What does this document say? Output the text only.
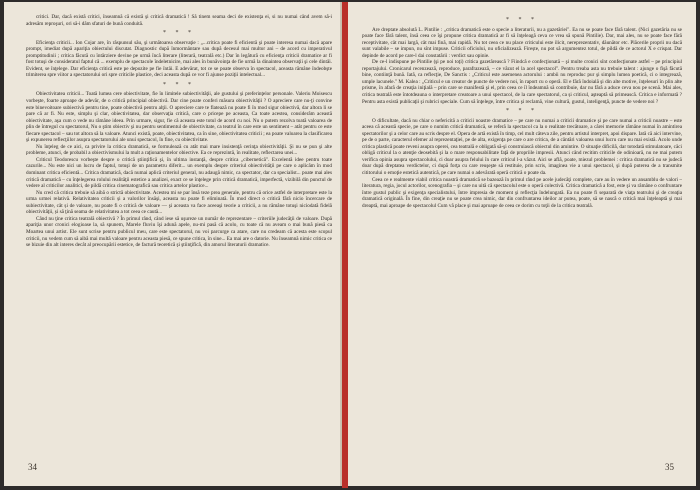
critici. Dar, dacă există critici, înseamnă că există şi critică dramatică ! Să tinem seama deci de existenţa ei, si nu numai când avem să-i adresăm reproşuri, ori să-i dăm sfaturi de bună conduită.

* * *

Eficienţa criticii... Ion Cojar are, în răspunsul său, şi următoarea observaţie : „...critica poate fi eficientă şi poate interesa numai dacă apare prompt, imediat după apariţia obiectului discutat. Diagnostic după înmormântare sau după decesul mai multor ani – de acord cu imperativul promptitudinii ; critica făcută cu întârziere devine pe urmă încă literare (literară, teatrală etc.) Dar în legătură cu eficienţa criticii dramatice ar fi fost totuşi de consideratul faptul că ... exemplu de spectacole îndeletnicire, mai ales în bunăvoinţa de fie urmă la dinaintea observaţii şi cele dintâi. Evident, se înţelege. Dar eficienţa critică este pe depozite pe fie întâi. E adevărat, tot ce se poate observa în spectacol, aceasta rămâne îndeobşte trimiterea spre viitor a spectatorului ori spre criticile plastice, deci aceasta după ce vor fi ajunse poziţii intelectual...

* * *

Obiectivitatea criticii... Toată lumea cere obiectivitate, fie în limitele subiectivităţii, ale gustului şi preferinţelor personale. Valeriu Moisescu vorbeşte, foarte aproape de adevăr, de o critică principial obiectivă. Dar cine poate conferi măsura obiectivităţii ? O apreciere care nu-ţi convine este binevoitoare subiectivă pentru tine, poate obiectivă pentru alţii. O apreciere care te flatează nu poate fi în mod sigur obiectivă, dar altora li se pare că ar fi. Nu este, simplu şi clar, obiectivitatea, dar observaţia critică, care o pricepe pe aceasta, Ca toate acestea, considerăm această obiectivitate, aşa cum o vede nu rămâne ideea. Prin urmare, sigur, fie că aceasta este totul de acord cu noi. Nu o putem rezolva toată valoarea de plin de întregul cu spectatorul, Nu o ştim obiectiv şi nu pentru sentimentul de obiectivitate, ca teatrul în care este un sentiment – atât pentru ce este fiecare spectacol – sau tot altora să la valoare. Atunci există, poate, obiectivitatea, ca în sine, obiectivitatea criticii ; ea poate valoarea la clasificarea şi expunerea reflecţiilor asupra spectatorului ale unui spectacol, în fine, cu obiectivitate.

Nu înţeleg de ce aici, ca privire la critica dramatică, se formulează cu atât mai mare insistenţă cerinţa obiectivităţii. Şi nu se pun şi alte probleme, atunci, de probabil a obiectivismului la mult a raţionamentelor obiective. Ea ce reprezintă, în realitate, reflectarea unei...

Criticul Teodorescu vorbeşte despre o critică ştiinţifică şi, în ultima instanţă, despre critica „cibernetică". Excelentă idee pentru toate cazurile... Nu este nici un lucru de faptul, totuşi de un parametru diferit... un exemplu despre criteriul obiectivităţii pe care o aplicăm în mod dominant critica eficientă... Critica dramatică, dacă numai aplică criteriul general, nu adaugă nimic, ca spectator, dar ca specialist... poate mai ales critică dramatică – cu înţelegerea rolului realităţii estetice a analizei, exact ce se înţelege prin critică dramatică, imperfectă, vizibilă din punctul de vedere al criticilor analitici, de pildă critica cinematografică sau critica artelor plastice...

Nu cred că critica trebuie să aibă o strictă obiectivitate. Acestea mi se par însă teze prea generale, pentru că orice astfel de interpretare este la urma urmei relativă. Relativitatea criticii și a valorilor însăşi, aceasta nu poate fi eliminată. În mod direct o critică fără nicio încercare de subiectivitate, cât și de valoare, nu poate fi o critică de valoare — şi aceasta va face aceeaşi teorie a criticii, a nu rămâne totuşi niciodată fidelă obiectivităţii, și să ţină seama de relativitatea a tot ceea ce caută...

Când nu ţine critica teatrală obiectivă ? În primul rând, când iese să uşureze un număr de reprezentare – criteriile judecăţii de valoare. După apariţia unor cronici elogioase la, să spunem, Marele fluviu îşi adună apele, nu-mi pasă că acolo, cu toate că nu aveam o mai bună piesă ca Moartea unui artist. Ele sunt scrise pentru publicul meu, care este spectatorul, nu voi parcurge ca atare, care nu credeam că acesta este scopul criticii, nu vedem cum să aibă mai multă valoare pentru aceasta piesă, ce spune critica, în sine... Ea mai are o datorie. Nu înseamnă nimic critica ce se bizuie din alt interes decât al preocupării estetice, de factură teoretică şi ştiinţifică, din amorul literaturii dramatice.

34
* * *

Are dreptate absolută L. Pintilie : „critica dramatică este o specie a literaturii, nu a gazetăriei". Ea nu se poate face fără talent. (Nici gazetăria nu se poate face fără talent, însă ceea ce îşi propune critica dramatică ar fi să înţeleagă ceva ce vrea să spună Pintilie). Dar, mai ales, nu se poate face fără receptivitate, cât mai largă, cât mai fină, mai rapidă. Nu tot ceea ce nu place criticului este ilicit, nereprezentativ, dăunător etc. Plăcerile proprii nu dacă sunt valabile – se impun, nu sînt impuse. Criticii oficiului, nu oficializează. Firește, nu pot să argumentez totul, de pildă de ce actorul X e crispat. Dar depinde de acord pe care-l dai constatării : verdict sau opinie.

De ce-l indispune pe Pintilie (şi pe noi toţi) critica gazetărească ? Fiindcă e confecţionată – şi multe cronici sînt confecţionate astfel – pe principiul reportajului. Cronicarul recenzează, reproduce, parafrazează, – ce văzut el la acel spectacol". Pentru treaba asta nu trebuie talent : ajunge o fişă făcută bine, contiinţă bună. Iată, ca reflecţie, De Sanctis : „Criticul este asemenea actorului : ambii nu reproduc pur şi simplu lumea poetică, ci o integrează, umple lacunele." M. Kalea : „Criticul e un creator de puncte de vedere noi, în raport cu o operă. El e fără îndoială şi din alte motive, înţelesuri în plin alte prisme, în afară de creaţia iniţială – prin care se manifestă şi el, prin ceea ce îl îndeamnă să contribuie, dar nu fără a aduce ceva nou pe scenă. Mai ales, critica teatrală este întotdeauna o interpretare creatoare a unui spectacol, de la care spectatorul, ca și criticul, aşteaptă să primească. Critica e informată ? Pentru asta există publicaţii şi rubrici speciale. Cum să înţelege, între critica şi reclamă, vine cultură, gustul, inteligenţă, puncte de vedere noi ?

* * *

O dificultate, dacă nu chiar o nefericită a criticii noastre dramatice – pe care nu numai a criticii dramatice şi pe care numai a criticii noastre – este aceea că această specie, pe care o numim critică dramatică, se referă la spectacol ca la o realitate trecătoare, a cărei memorie rămâne numai în amintirea spectatorilor şi a celor care au scris despre el. Opera de artă există în timp, cel mult câteva zile, pentru artistul interpret, apoi dispare. Iată că aici intervine, pe de o parte, caracterul efemer al reprezentaţiei, pe de alta, exigenţa pe care o are critica, de a cântări valoarea unui lucru care nu mai există. Acolo unde critica plastică poate reveni asupra operei, cea teatrală e obligată să-şi construiască obiectul din amintire. O situaţie dificilă, dar totodată stimulatoare, căci obligă criticul la o atenţie deosebită şi la o mare responsabilitate faţă de propriile impresii. Atunci când recitim criticile de odinioară, nu ne mai putem verifica opinia asupra spectacolului, ci doar asupra felului în care criticul l-a văzut. Aici se află, poate, miezul problemei : critica dramatică nu se judecă doar după dreptatea verdictelor, ci după forţa cu care reuşeşte să restituie, prin scris, imaginea vie a unui spectacol, şi după puterea de a transmite cititorului o emoţie estetică autentică, pe care numai o adevărată operă critică o poate da.

Ceea ce e realmente viabil critica noastră dramatică se bazează în primul rând pe acele judecăţi complete, care au în vedere un ansamblu de valori – literatura, regia, jocul actorilor, scenografia – şi care nu uită că spectacolul este o operă colectivă. Critica dramatică a fost, este şi va rămâne o confruntare între gustul public şi exigenţa specialistului, între impresia de moment şi reflecţia îndelungată. Ea nu poate fi separată de viaţa teatrului şi de creaţia dramatică originală. În fine, din creaţie nu se poate crea nimic, dar din confruntarea ideilor ar putea, poate, să se nască o critică mai înţeleaptă şi mai dreaptă, mai aproape de spectacolul Cum vă place şi mai aproape de ceea ce dorim cu toţii de la critica teatrală.

35
